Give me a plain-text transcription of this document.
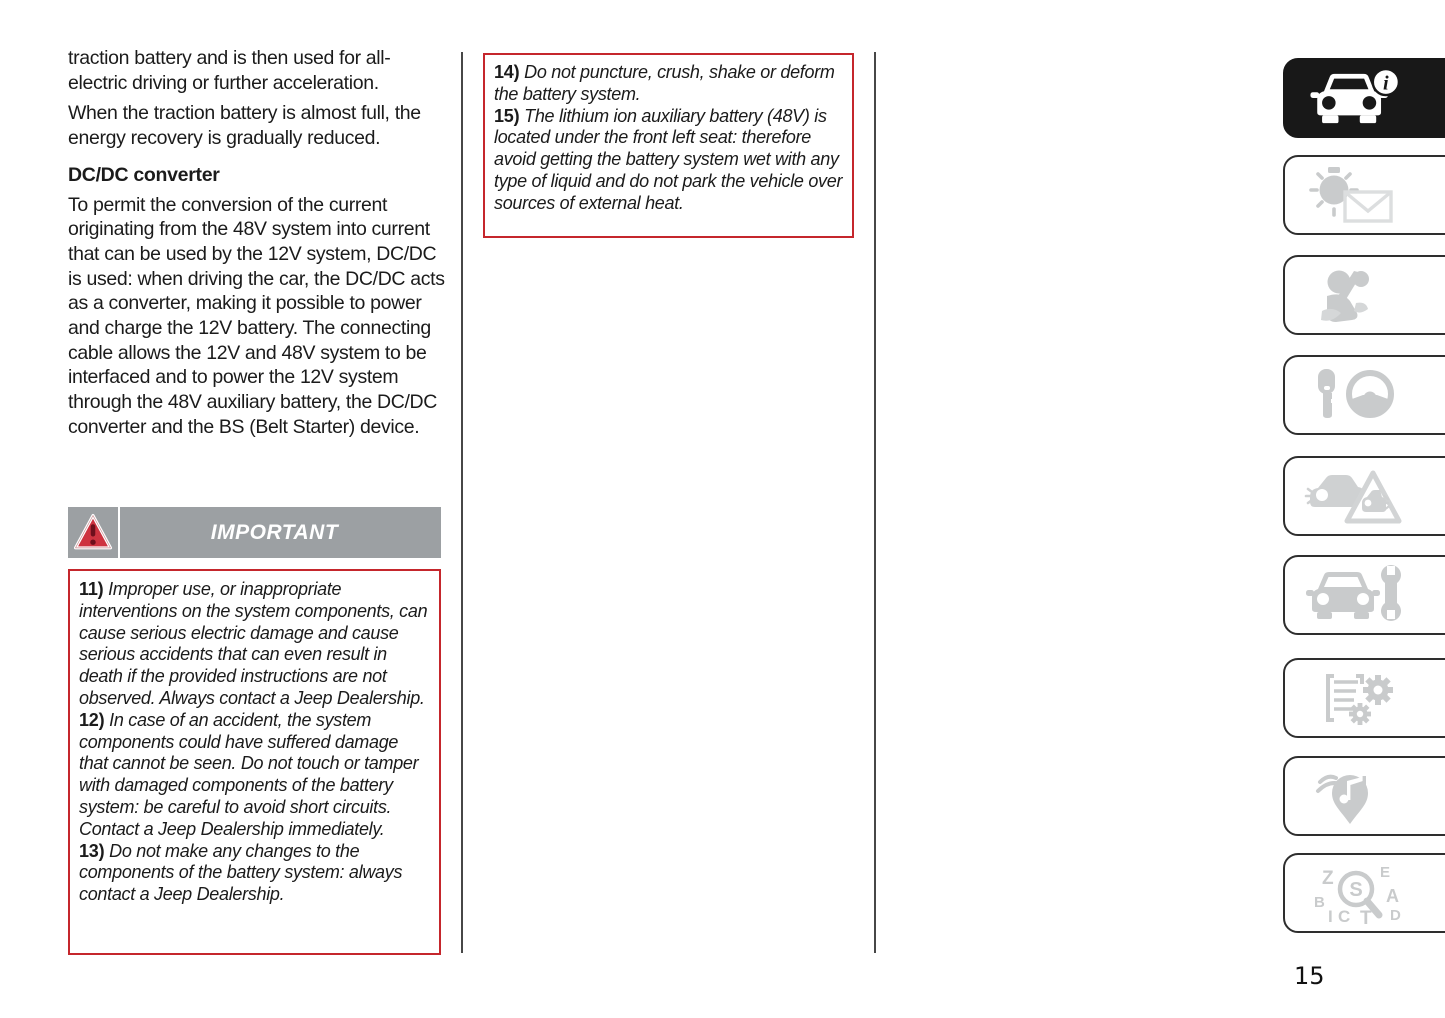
traction battery and is then used for all-electric driving or further acceleration.

When the traction battery is almost full, the energy recovery is gradually reduced.

DC/DC converter

To permit the conversion of the current originating from the 48V system into current that can be used by the 12V system, DC/DC is used: when driving the car, the DC/DC acts as a converter, making it possible to power and charge the 12V battery. The connecting cable allows the 12V and 48V system to be interfaced and to power the 12V system through the 48V auxiliary battery, the DC/DC converter and the BS (Belt Starter) device.

IMPORTANT

11) Improper use, or inappropriate interventions on the system components, can cause serious electric damage and cause serious accidents that can even result in death if the provided instructions are not observed. Always contact a Jeep Dealership.

12) In case of an accident, the system components could have suffered damage that cannot be seen. Do not touch or tamper with damaged components of the battery system: be careful to avoid short circuits. Contact a Jeep Dealership immediately.

13) Do not make any changes to the components of the battery system: always contact a Jeep Dealership.

14) Do not puncture, crush, shake or deform the battery system.

15) The lithium ion auxiliary battery (48V) is located under the front left seat: therefore avoid getting the battery system wet with any type of liquid and do not park the vehicle over sources of external heat.

i
Z	E
B	A
I C T D
S
15
